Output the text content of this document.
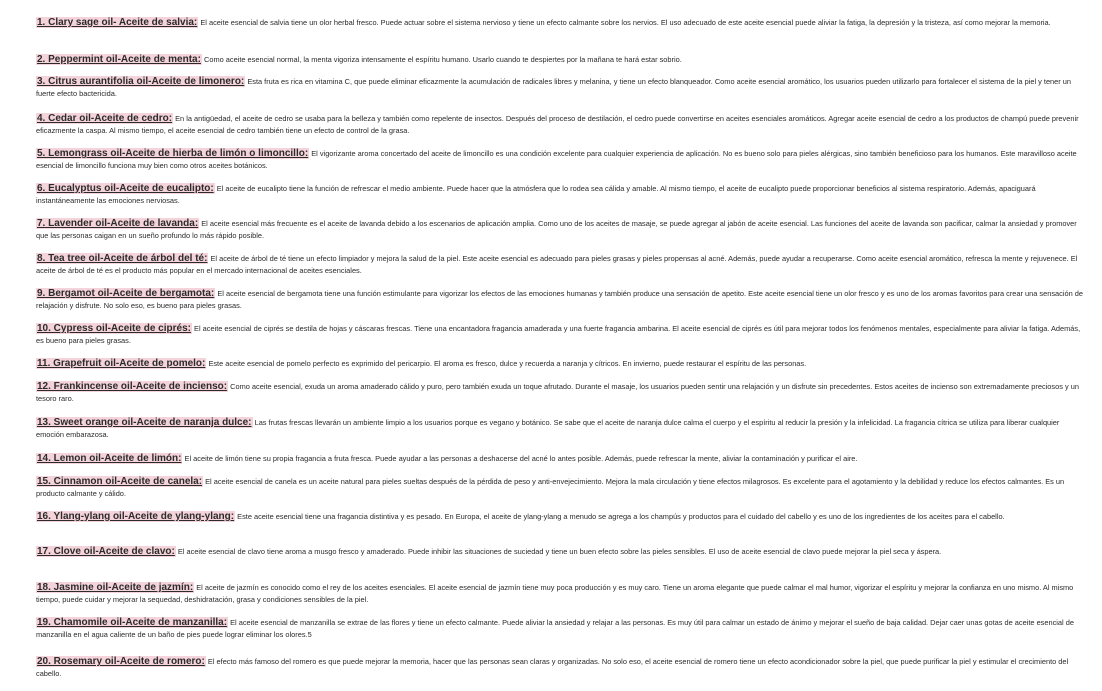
1. Clary sage oil- Aceite de salvia: El aceite esencial de salvia tiene un olor herbal fresco. Puede actuar sobre el sistema nervioso y tiene un efecto calmante sobre los nervios. El uso adecuado de este aceite esencial puede aliviar la fatiga, la depresión y la tristeza, así como mejorar la memoria.

2. Peppermint oil-Aceite de menta: Como aceite esencial normal, la menta vigoriza intensamente el espíritu humano. Usarlo cuando te despiertes por la mañana te hará estar sobrio.

3. Citrus aurantifolia oil-Aceite de limonero: Esta fruta es rica en vitamina C, que puede eliminar eficazmente la acumulación de radicales libres y melanina, y tiene un efecto blanqueador. Como aceite esencial aromático, los usuarios pueden utilizarlo para fortalecer el sistema de la piel y tener un fuerte efecto bactericida.

4. Cedar oil-Aceite de cedro: En la antigüedad, el aceite de cedro se usaba para la belleza y también como repelente de insectos. Después del proceso de destilación, el cedro puede convertirse en aceites esenciales aromáticos. Agregar aceite esencial de cedro a los productos de champú puede prevenir eficazmente la caspa. Al mismo tiempo, el aceite esencial de cedro también tiene un efecto de control de la grasa.

5. Lemongrass oil-Aceite de hierba de limón o limoncillo: El vigorizante aroma concertado del aceite de limoncillo es una condición excelente para cualquier experiencia de aplicación. No es bueno solo para pieles alérgicas, sino también beneficioso para los humanos. Este maravilloso aceite esencial de limoncillo funciona muy bien como otros aceites botánicos.

6. Eucalyptus oil-Aceite de eucalipto: El aceite de eucalipto tiene la función de refrescar el medio ambiente. Puede hacer que la atmósfera que lo rodea sea cálida y amable. Al mismo tiempo, el aceite de eucalipto puede proporcionar beneficios al sistema respiratorio. Además, apaciguará instantáneamente las emociones nerviosas.

7. Lavender oil-Aceite de lavanda: El aceite esencial más frecuente es el aceite de lavanda debido a los escenarios de aplicación amplia. Como uno de los aceites de masaje, se puede agregar al jabón de aceite esencial. Las funciones del aceite de lavanda son pacificar, calmar la ansiedad y promover que las personas caigan en un sueño profundo lo más rápido posible.

8. Tea tree oil-Aceite de árbol del té: El aceite de árbol de té tiene un efecto limpiador y mejora la salud de la piel. Este aceite esencial es adecuado para pieles grasas y pieles propensas al acné. Además, puede ayudar a recuperarse. Como aceite esencial aromático, refresca la mente y rejuvenece. El aceite de árbol de té es el producto más popular en el mercado internacional de aceites esenciales.

9. Bergamot oil-Aceite de bergamota: El aceite esencial de bergamota tiene una función estimulante para vigorizar los efectos de las emociones humanas y también produce una sensación de apetito. Este aceite esencial tiene un olor fresco y es uno de los aromas favoritos para crear una sensación de relajación y disfrute. No solo eso, es bueno para pieles grasas.

10. Cypress oil-Aceite de ciprés: El aceite esencial de ciprés se destila de hojas y cáscaras frescas. Tiene una encantadora fragancia amaderada y una fuerte fragancia ambarina. El aceite esencial de ciprés es útil para mejorar todos los fenómenos mentales, especialmente para aliviar la fatiga. Además, es bueno para pieles grasas.

11. Grapefruit oil-Aceite de pomelo: Este aceite esencial de pomelo perfecto es exprimido del pericarpio. El aroma es fresco, dulce y recuerda a naranja y cítricos. En invierno, puede restaurar el espíritu de las personas.

12. Frankincense oil-Aceite de incienso: Como aceite esencial, exuda un aroma amaderado cálido y puro, pero también exuda un toque afrutado. Durante el masaje, los usuarios pueden sentir una relajación y un disfrute sin precedentes. Estos aceites de incienso son extremadamente preciosos y un tesoro raro.

13. Sweet orange oil-Aceite de naranja dulce: Las frutas frescas llevarán un ambiente limpio a los usuarios porque es vegano y botánico. Se sabe que el aceite de naranja dulce calma el cuerpo y el espíritu al reducir la presión y la infelicidad. La fragancia cítrica se utiliza para liberar cualquier emoción embarazosa.

14. Lemon oil-Aceite de limón: El aceite de limón tiene su propia fragancia a fruta fresca. Puede ayudar a las personas a deshacerse del acné lo antes posible. Además, puede refrescar la mente, aliviar la contaminación y purificar el aire.

15. Cinnamon oil-Aceite de canela: El aceite esencial de canela es un aceite natural para pieles sueltas después de la pérdida de peso y anti-envejecimiento. Mejora la mala circulación y tiene efectos milagrosos. Es excelente para el agotamiento y la debilidad y reduce los efectos calmantes. Es un producto calmante y cálido.

16. Ylang-ylang oil-Aceite de ylang-ylang: Este aceite esencial tiene una fragancia distintiva y es pesado. En Europa, el aceite de ylang-ylang a menudo se agrega a los champús y productos para el cuidado del cabello y es uno de los ingredientes de los aceites para el cabello.

17. Clove oil-Aceite de clavo: El aceite esencial de clavo tiene aroma a musgo fresco y amaderado. Puede inhibir las situaciones de suciedad y tiene un buen efecto sobre las pieles sensibles. El uso de aceite esencial de clavo puede mejorar la piel seca y áspera.

18. Jasmine oil-Aceite de jazmín: El aceite de jazmín es conocido como el rey de los aceites esenciales. El aceite esencial de jazmín tiene muy poca producción y es muy caro. Tiene un aroma elegante que puede calmar el mal humor, vigorizar el espíritu y mejorar la confianza en uno mismo. Al mismo tiempo, puede cuidar y mejorar la sequedad, deshidratación, grasa y condiciones sensibles de la piel.

19. Chamomile oil-Aceite de manzanilla: El aceite esencial de manzanilla se extrae de las flores y tiene un efecto calmante. Puede aliviar la ansiedad y relajar a las personas. Es muy útil para calmar un estado de ánimo y mejorar el sueño de baja calidad. Dejar caer unas gotas de aceite esencial de manzanilla en el agua caliente de un baño de pies puede lograr eliminar los olores.5

20. Rosemary oil-Aceite de romero: El efecto más famoso del romero es que puede mejorar la memoria, hacer que las personas sean claras y organizadas. No solo eso, el aceite esencial de romero tiene un efecto acondicionador sobre la piel, que puede purificar la piel y estimular el crecimiento del cabello.
